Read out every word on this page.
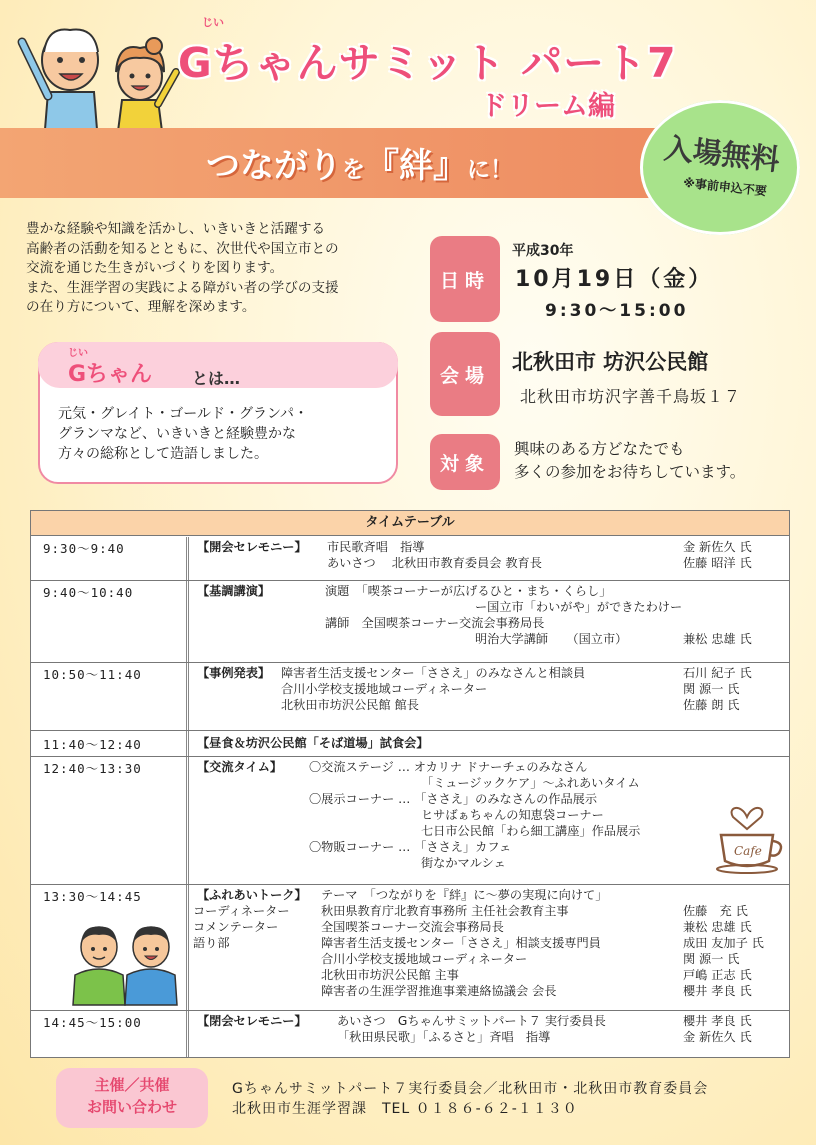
じい
Gちゃんサミット パート7
ドリーム編
つながりを『絆』に！	入場無料
※事前申込不要
豊かな経験や知識を活かし、いきいきと活躍する
高齢者の活動を知るとともに、次世代や国立市との
交流を通じた生きがいづくりを図ります。
また、生涯学習の実践による障がい者の学びの支援
の在り方について、理解を深めます。
じい
Gちゃん とは…
元気・グレイト・ゴールド・グランパ・
グランマなど、いきいきと経験豊かな
方々の総称として造語しました。
日時
平成30年
10月19日（金）
9:30～15:00
会場
北秋田市 坊沢公民館
北秋田市坊沢字善千鳥坂１７
対象
興味のある方どなたでも
多くの参加をお待ちしています。
タイムテーブル
9:30～9:40	【開会セレモニー】 市民歌斉唱　指導	金 新佐久 氏
あいさつ　 北秋田市教育委員会 教育長	佐藤 昭洋 氏
9:40～10:40	【基調講演】	演題　「喫茶コーナーが広げるひと・まち・くらし」
ー国立市「わいがや」ができたわけー
講師　全国喫茶コーナー交流会事務局長
明治大学講師　　（国立市）	兼松 忠雄 氏
10:50～11:40	【事例発表】 障害者生活支援センター「ささえ」のみなさんと相談員	石川 紀子 氏
合川小学校支援地域コーディネーター	関 源一 氏
北秋田市坊沢公民館 館長	佐藤 朗 氏
11:40～12:40	【昼食＆坊沢公民館「そば道場」試食会】
12:40～13:30	【交流タイム】 〇交流ステージ … オカリナ ドナーチェのみなさん
「ミュージックケア」～ふれあいタイム
〇展示コーナー … 「ささえ」のみなさんの作品展示
ヒサばぁちゃんの知恵袋コーナー
七日市公民館「わら細工講座」作品展示
〇物販コーナー … 「ささえ」カフェ
街なかマルシェ
Cafe
13:30～14:45	【ふれあいトーク】 テーマ　「つながりを『絆』に～夢の実現に向けて」
コーディネーター	秋田県教育庁北教育事務所 主任社会教育主事	佐藤　充 氏
コメンテーター	全国喫茶コーナー交流会事務局長	兼松 忠雄 氏
語り部	障害者生活支援センター「ささえ」相談支援専門員	成田 友加子 氏
合川小学校支援地域コーディネーター	関 源一 氏
北秋田市坊沢公民館 主事	戸嶋 正志 氏
障害者の生涯学習推進事業連絡協議会 会長	櫻井 孝良 氏
14:45～15:00	【閉会セレモニー】 あいさつ　Gちゃんサミットパート７ 実行委員長	櫻井 孝良 氏
「秋田県民歌」「ふるさと」斉唱　指導	金 新佐久 氏
主催／共催
お問い合わせ
Gちゃんサミットパート７実行委員会／北秋田市・北秋田市教育委員会
北秋田市生涯学習課　TEL ０１８６-６２-１１３０
